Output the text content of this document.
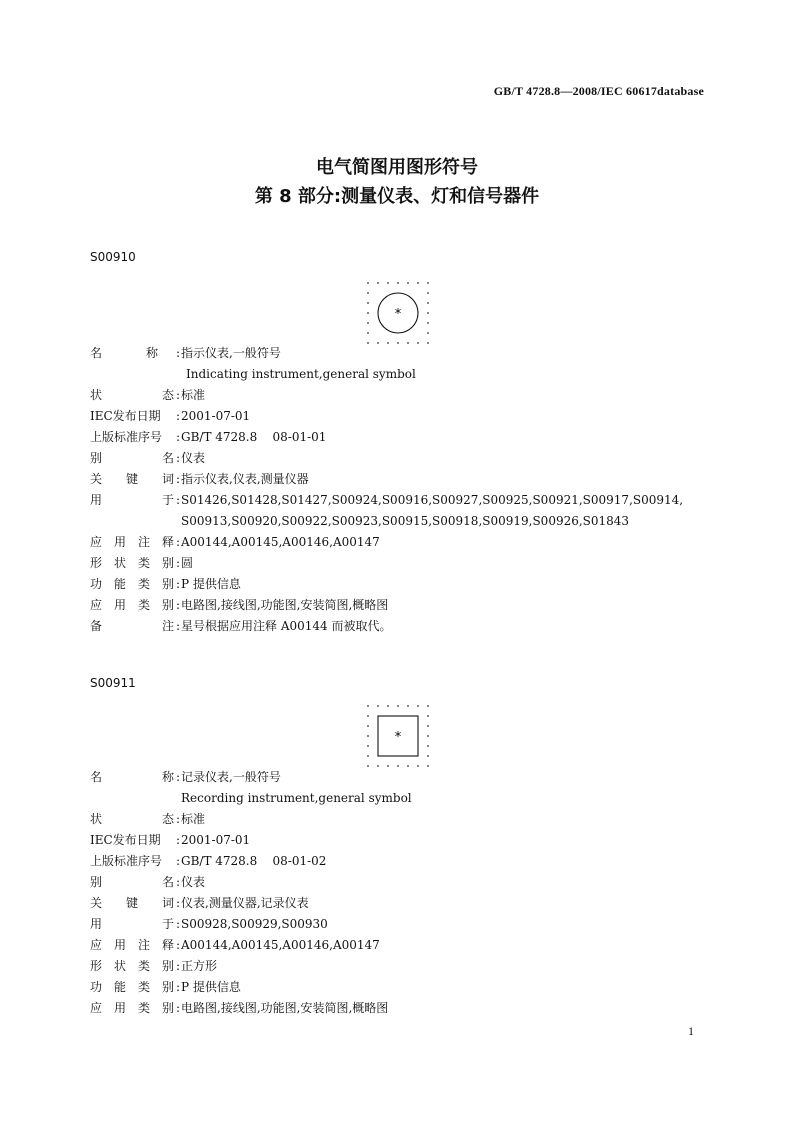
GB/T 4728.8—2008/IEC 60617database
电气简图用图形符号
第 8 部分:测量仪表、灯和信号器件
S00910
*
名	称 : 指示仪表,一般符号
Indicating instrument,general symbol
状	态 : 标准
IEC发布日期 : 2001-07-01
上版标准序号 : GB/T 4728.8    08-01-01
别	名 : 仪表
关 键 词 : 指示仪表,仪表,测量仪器
用	于 : S01426,S01428,S01427,S00924,S00916,S00927,S00925,S00921,S00917,S00914,
S00913,S00920,S00922,S00923,S00915,S00918,S00919,S00926,S01843
应 用 注 释 : A00144,A00145,A00146,A00147
形 状 类 别 : 圆
功 能 类 别 : P 提供信息
应 用 类 别 : 电路图,接线图,功能图,安装简图,概略图
备	注 : 星号根据应用注释 A00144 而被取代。
S00911
*
名	称 : 记录仪表,一般符号
Recording instrument,general symbol
状	态 : 标准
IEC发布日期 : 2001-07-01
上版标准序号 : GB/T 4728.8    08-01-02
别	名 : 仪表
关 键 词 : 仪表,测量仪器,记录仪表
用	于 : S00928,S00929,S00930
应 用 注 释 : A00144,A00145,A00146,A00147
形 状 类 别 : 正方形
功 能 类 别 : P 提供信息
应 用 类 别 : 电路图,接线图,功能图,安装简图,概略图
1
